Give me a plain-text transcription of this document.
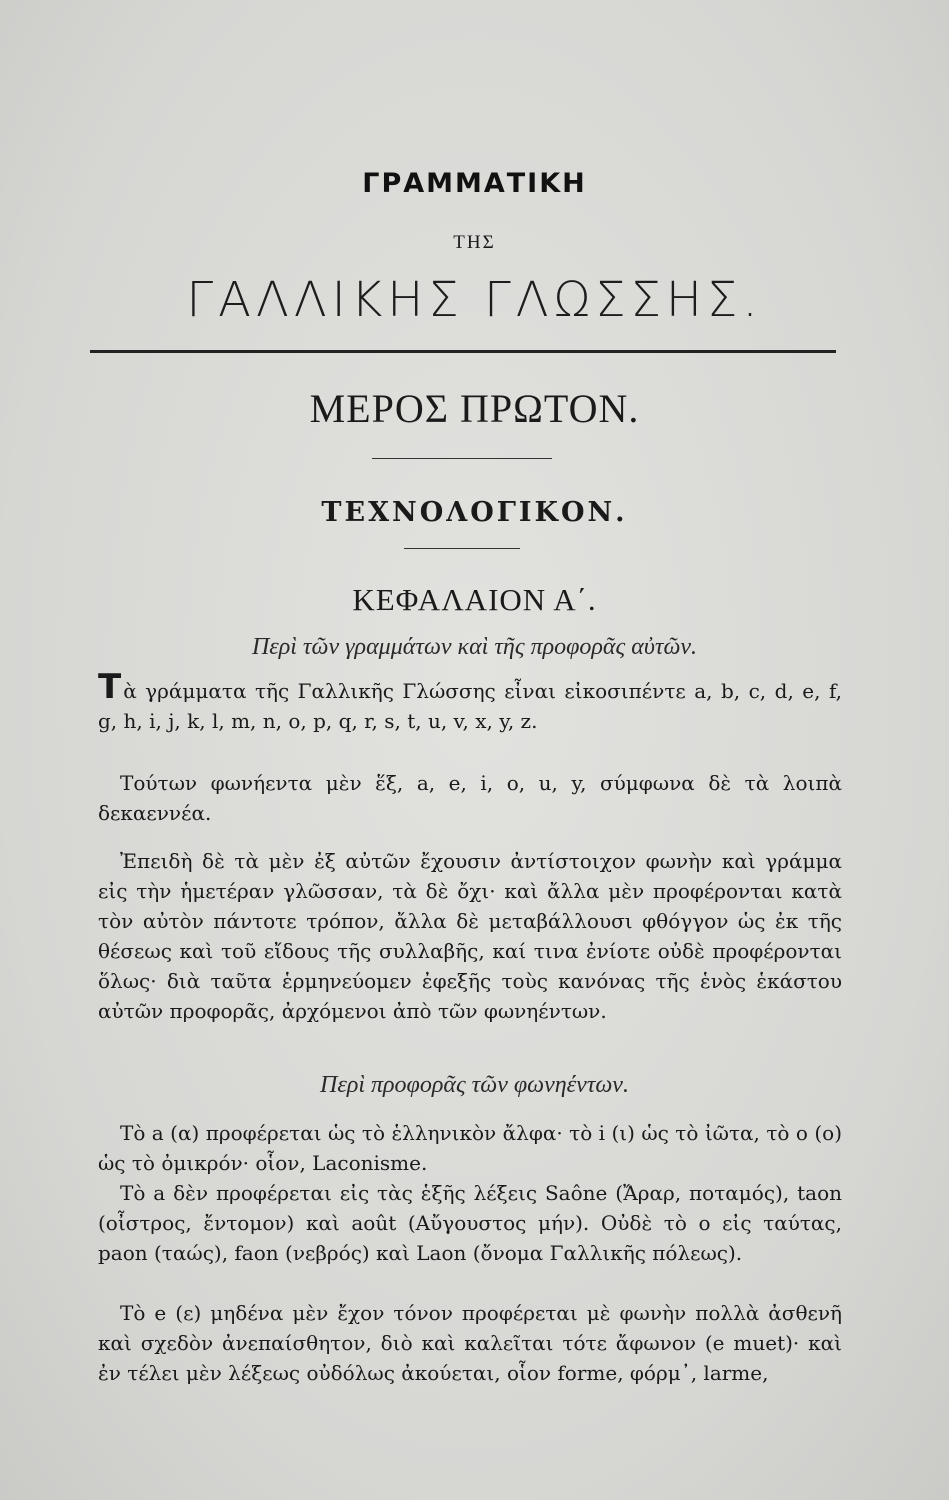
ΓΡΑΜΜΑΤΙΚΗ
ΤΗΣ
ΓΑΛΛΙΚΗΣ ΓΛΩΣΣΗΣ.
ΜΕΡΟΣ ΠΡΩΤΟΝ.
ΤΕΧΝΟΛΟΓΙΚΟΝ.
ΚΕΦΑΛΑΙΟΝ Α΄.
Περὶ τῶν γραμμάτων καὶ τῆς προφορᾶς αὐτῶν.
Τὰ γράμματα τῆς Γαλλικῆς Γλώσσης εἶναι εἰκοσιπέντε a, b, c, d, e, f, g, h, i, j, k, l, m, n, o, p, q, r, s, t, u, v, x, y, z.
Τούτων φωνήεντα μὲν ἕξ, a, e, i, o, u, y, σύμφωνα δὲ τὰ λοιπὰ δεκαεννέα.
Ἐπειδὴ δὲ τὰ μὲν ἐξ αὐτῶν ἔχουσιν ἀντίστοιχον φωνὴν καὶ γράμμα εἰς τὴν ἡμετέραν γλῶσσαν, τὰ δὲ ὄχι· καὶ ἄλλα μὲν προφέρονται κατὰ τὸν αὐτὸν πάντοτε τρόπον, ἄλλα δὲ μεταβάλλουσι φθόγγον ὡς ἐκ τῆς θέσεως καὶ τοῦ εἴδους τῆς συλλαβῆς, καί τινα ἐνίοτε οὐδὲ προφέρονται ὅλως· διὰ ταῦτα ἑρμηνεύομεν ἐφεξῆς τοὺς κανόνας τῆς ἑνὸς ἑκάστου αὐτῶν προφορᾶς, ἀρχόμενοι ἀπὸ τῶν φωνηέντων.
Περὶ προφορᾶς τῶν φωνηέντων.
Τὸ a (α) προφέρεται ὡς τὸ ἑλληνικὸν ἄλφα· τὸ i (ι) ὡς τὸ ἰῶτα, τὸ o (ο) ὡς τὸ ὀμικρόν· οἷον, Laconisme.
Τὸ a δὲν προφέρεται εἰς τὰς ἑξῆς λέξεις Saône (Ἄραρ, ποταμός), taon (οἶστρος, ἔντομον) καὶ août (Αὔγουστος μήν). Οὐδὲ τὸ o εἰς ταύτας, paon (ταώς), faon (νεβρός) καὶ Laon (ὄνομα Γαλλικῆς πόλεως).
Τὸ e (ε) μηδένα μὲν ἔχον τόνον προφέρεται μὲ φωνὴν πολλὰ ἀσθενῆ καὶ σχεδὸν ἀνεπαίσθητον, διὸ καὶ καλεῖται τότε ἄφωνον (e muet)· καὶ ἐν τέλει μὲν λέξεως οὐδόλως ἀκούεται, οἷον forme, φόρμ᾽, larme,
